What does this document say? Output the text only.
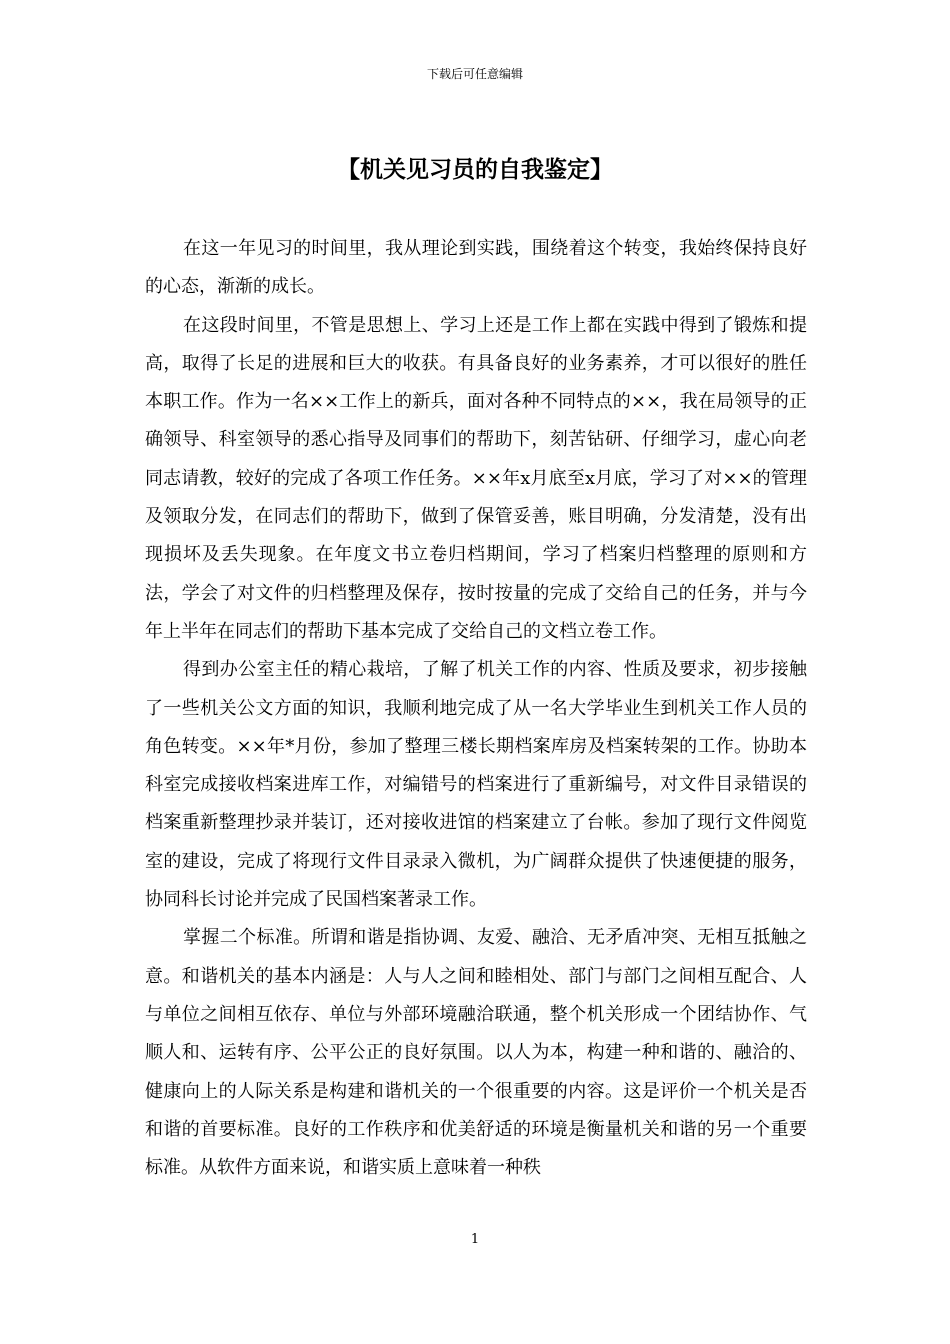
下载后可任意编辑
【机关见习员的自我鉴定】

在这一年见习的时间里，我从理论到实践，围绕着这个转变，我始终保持良好的心态，渐渐的成长。

在这段时间里，不管是思想上、学习上还是工作上都在实践中得到了锻炼和提高，取得了长足的进展和巨大的收获。有具备良好的业务素养，才可以很好的胜任本职工作。作为一名××工作上的新兵，面对各种不同特点的××，我在局领导的正确领导、科室领导的悉心指导及同事们的帮助下，刻苦钻研、仔细学习，虚心向老同志请教，较好的完成了各项工作任务。××年x月底至x月底，学习了对××的管理及领取分发，在同志们的帮助下，做到了保管妥善，账目明确，分发清楚，没有出现损坏及丢失现象。在年度文书立卷归档期间，学习了档案归档整理的原则和方法，学会了对文件的归档整理及保存，按时按量的完成了交给自己的任务，并与今年上半年在同志们的帮助下基本完成了交给自己的文档立卷工作。

得到办公室主任的精心栽培，了解了机关工作的内容、性质及要求，初步接触了一些机关公文方面的知识，我顺利地完成了从一名大学毕业生到机关工作人员的角色转变。××年*月份，参加了整理三楼长期档案库房及档案转架的工作。协助本科室完成接收档案进库工作，对编错号的档案进行了重新编号，对文件目录错误的档案重新整理抄录并装订，还对接收进馆的档案建立了台帐。参加了现行文件阅览室的建设，完成了将现行文件目录录入微机，为广阔群众提供了快速便捷的服务，协同科长讨论并完成了民国档案著录工作。

掌握二个标准。所谓和谐是指协调、友爱、融洽、无矛盾冲突、无相互抵触之意。和谐机关的基本内涵是：人与人之间和睦相处、部门与部门之间相互配合、人与单位之间相互依存、单位与外部环境融洽联通，整个机关形成一个团结协作、气顺人和、运转有序、公平公正的良好氛围。以人为本，构建一种和谐的、融洽的、健康向上的人际关系是构建和谐机关的一个很重要的内容。这是评价一个机关是否和谐的首要标准。良好的工作秩序和优美舒适的环境是衡量机关和谐的另一个重要标准。从软件方面来说，和谐实质上意味着一种秩

1
